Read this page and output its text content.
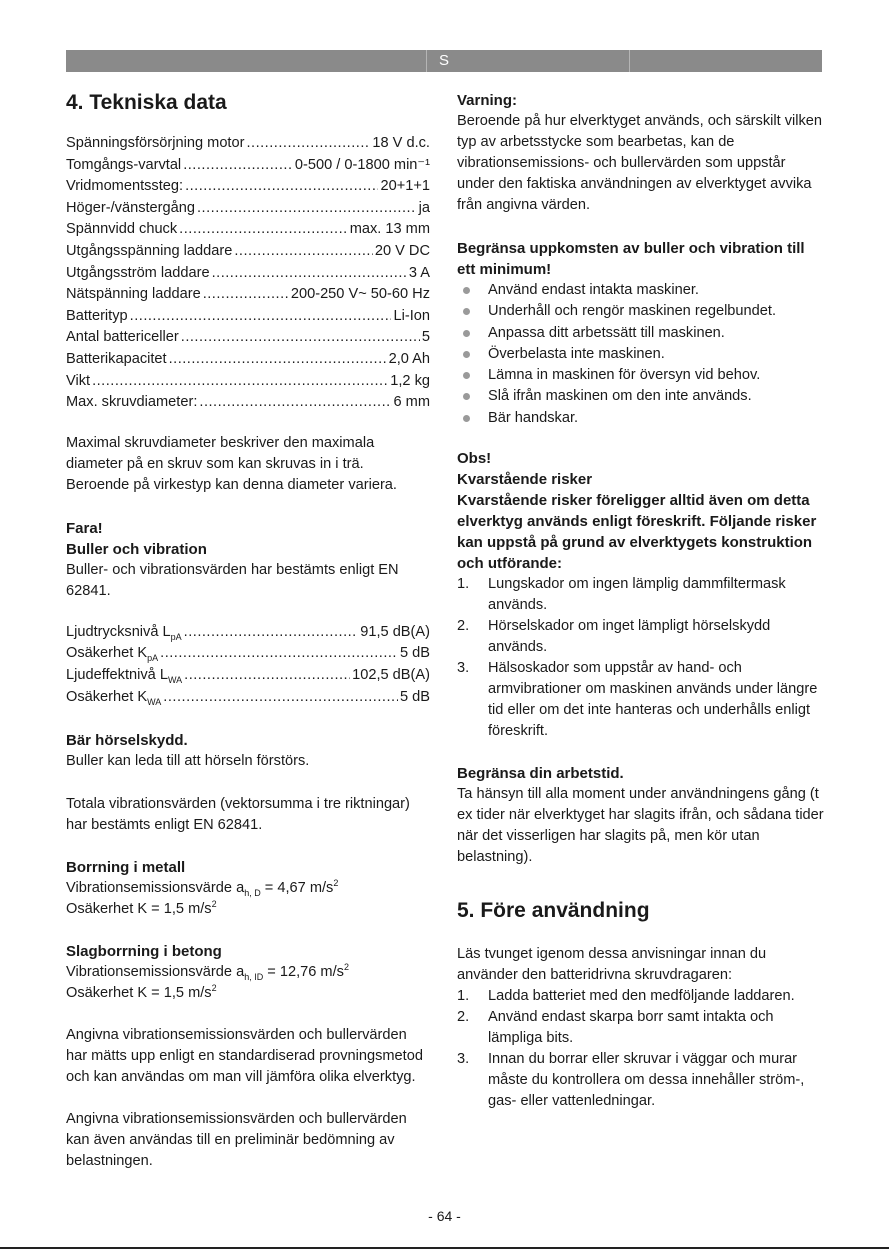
S
4. Tekniska data
Spänningsförsörjning motor .....	18 V d.c.
Tomgångs-varvtal .....	0-500 / 0-1800 min⁻¹
Vridmomentssteg: .....	20+1+1
Höger-/vänstergång .....	ja
Spännvidd chuck .....	max. 13 mm
Utgångsspänning laddare .....	20 V DC
Utgångsström laddare .....	3 A
Nätspänning laddare .....	200-250 V~ 50-60 Hz
Batterityp .....	Li-Ion
Antal battericeller .....	5
Batterikapacitet .....	2,0 Ah
Vikt .....	1,2 kg
Max. skruvdiameter: .....	6 mm

Maximal skruvdiameter beskriver den maximala diameter på en skruv som kan skruvas in i trä. Beroende på virkestyp kan denna diameter variera.

Fara!
Buller och vibration

Buller- och vibrationsvärden har bestämts enligt EN 62841.

Ljudtrycksnivå $L_{pA}$ .....	91,5 dB(A)
Osäkerhet $K_{pA}$ .....	5 dB
Ljudeffektnivå $L_{WA}$ .....	102,5 dB(A)
Osäkerhet $K_{WA}$ .....	5 dB
Bär hörselskydd.

Buller kan leda till att hörseln förstörs.

Totala vibrationsvärden (vektorsumma i tre riktningar) har bestämts enligt EN 62841.

Borrning i metall

Vibrationsemissionsvärde $a_{h, D} = 4,67$ $m/s^2$

Osäkerhet K = 1,5 $m/s^2$

Slagborrning i betong

Vibrationsemissionsvärde $a_{h, ID} = 12,76$ $m/s^2$

Osäkerhet K = 1,5 $m/s^2$

Angivna vibrationsemissionsvärden och bullervärden har mätts upp enligt en standardiserad provningsmetod och kan användas om man vill jämföra olika elverktyg.

Angivna vibrationsemissionsvärden och bullervärden kan även användas till en preliminär bedömning av belastningen.

Varning:

Beroende på hur elverktyget används, och särskilt vilken typ av arbetsstycke som bearbetas, kan de vibrationsemissions- och bullervärden som uppstår under den faktiska användningen av elverktyget avvika från angivna värden.

Begränsa uppkomsten av buller och vibration till ett minimum!
Använd endast intakta maskiner.
Underhåll och rengör maskinen regelbundet.
Anpassa ditt arbetssätt till maskinen.
Överbelasta inte maskinen.
Lämna in maskinen för översyn vid behov.
Slå ifrån maskinen om den inte används.
Bär handskar.
Obs!
Kvarstående risker
Kvarstående risker föreligger alltid även om detta elverktyg används enligt föreskrift. Följande risker kan uppstå på grund av elverktygets konstruktion och utförande:
1. Lungskador om ingen lämplig dammfiltermask används.
2. Hörselskador om inget lämpligt hörselskydd används.
3. Hälsoskador som uppstår av hand- och armvibrationer om maskinen används under längre tid eller om det inte hanteras och underhålls enligt föreskrift.
Begränsa din arbetstid.

Ta hänsyn till alla moment under användningens gång (t ex tider när elverktyget har slagits ifrån, och sådana tider när det visserligen har slagits på, men kör utan belastning).

5. Före användning

Läs tvunget igenom dessa anvisningar innan du använder den batteridrivna skruvdragaren:

1. Ladda batteriet med den medföljande laddaren.
2. Använd endast skarpa borr samt intakta och lämpliga bits.
3. Innan du borrar eller skruvar i väggar och murar måste du kontrollera om dessa innehåller ström-, gas- eller vattenledningar.
- 64 -
